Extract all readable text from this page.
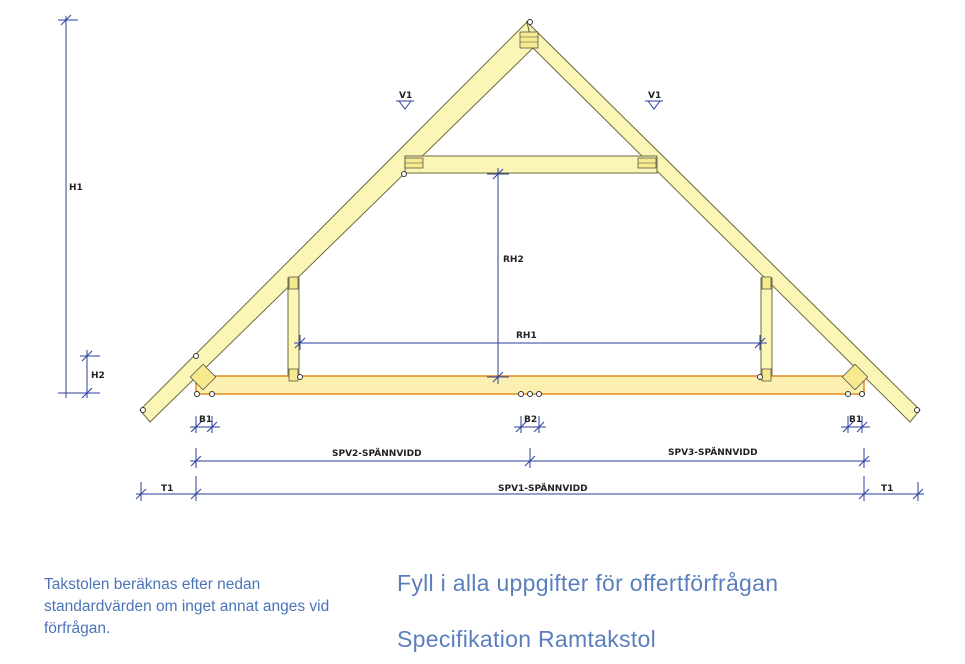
H1
H2
RH2
RH1
V1	V1
B1	B2	B1
SPV2-SPÄNNVIDD	SPV3-SPÄNNVIDD
SPV1-SPÄNNVIDD
T1	T1
Takstolen beräknas efter nedan standardvärden om inget annat anges vid förfrågan.
Fyll i alla uppgifter för offertförfrågan
Specifikation Ramtakstol
